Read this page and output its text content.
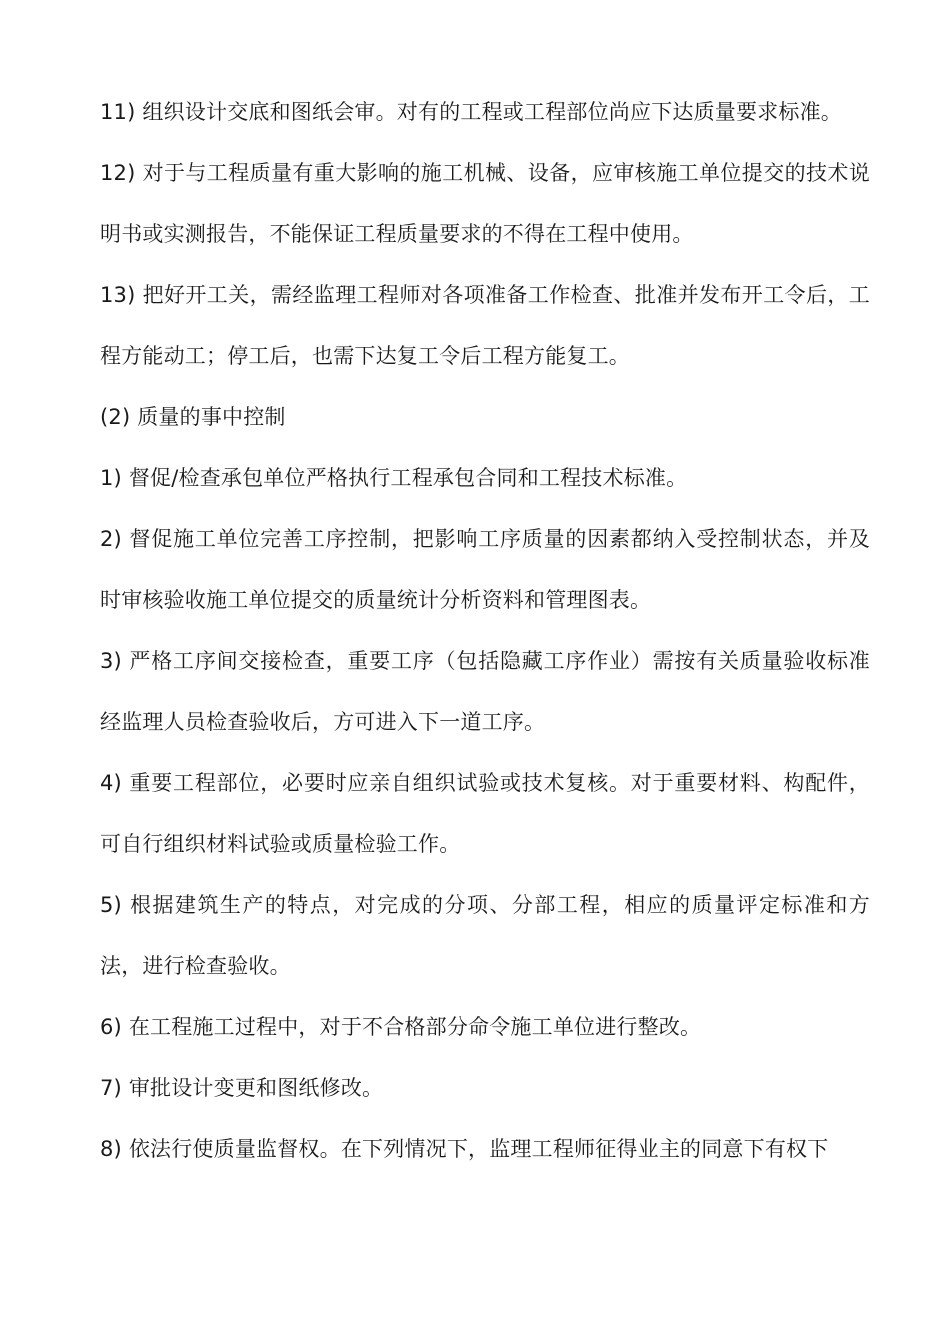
11) 组织设计交底和图纸会审。对有的工程或工程部位尚应下达质量要求标准。

12) 对于与工程质量有重大影响的施工机械、设备，应审核施工单位提交的技术说明书或实测报告，不能保证工程质量要求的不得在工程中使用。

13) 把好开工关，需经监理工程师对各项准备工作检查、批准并发布开工令后，工程方能动工；停工后，也需下达复工令后工程方能复工。

(2) 质量的事中控制

1) 督促/检查承包单位严格执行工程承包合同和工程技术标准。

2) 督促施工单位完善工序控制，把影响工序质量的因素都纳入受控制状态，并及时审核验收施工单位提交的质量统计分析资料和管理图表。

3) 严格工序间交接检查，重要工序（包括隐藏工序作业）需按有关质量验收标准经监理人员检查验收后，方可进入下一道工序。

4) 重要工程部位，必要时应亲自组织试验或技术复核。对于重要材料、构配件，可自行组织材料试验或质量检验工作。

5) 根据建筑生产的特点，对完成的分项、分部工程，相应的质量评定标准和方法，进行检查验收。

6) 在工程施工过程中，对于不合格部分命令施工单位进行整改。

7) 审批设计变更和图纸修改。

8) 依法行使质量监督权。在下列情况下，监理工程师征得业主的同意下有权下
